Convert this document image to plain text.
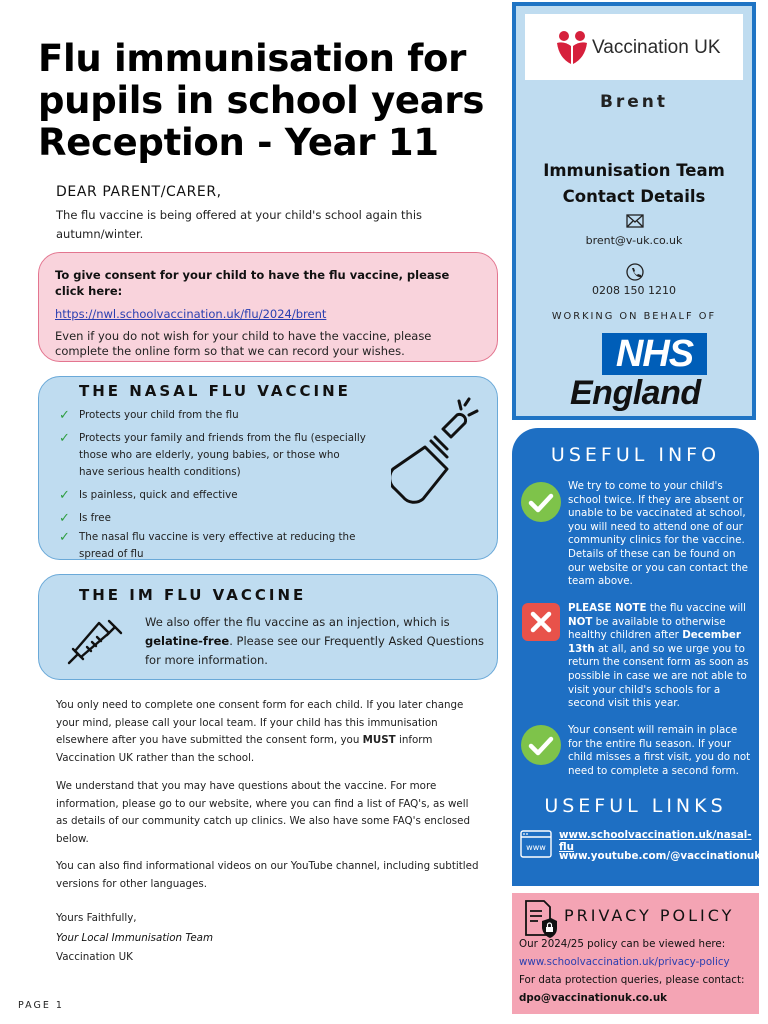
Flu immunisation for pupils in school years Reception - Year 11
DEAR PARENT/CARER,

The flu vaccine is being offered at your child's school again this autumn/winter.

To give consent for your child to have the flu vaccine, please click here:

https://nwl.schoolvaccination.uk/flu/2024/brent

Even if you do not wish for your child to have the vaccine, please complete the online form so that we can record your wishes.

THE NASAL FLU VACCINE
✓ Protects your child from the flu
✓ Protects your family and friends from the flu (especially those who are elderly, young babies, or those who have serious health conditions)
✓ Is painless, quick and effective
✓ Is free
✓ The nasal flu vaccine is very effective at reducing the spread of flu
THE IM FLU VACCINE

We also offer the flu vaccine as an injection, which is gelatine-free. Please see our Frequently Asked Questions for more information.

You only need to complete one consent form for each child. If you later change your mind, please call your local team. If your child has this immunisation elsewhere after you have submitted the consent form, you MUST inform Vaccination UK rather than the school.

We understand that you may have questions about the vaccine. For more information, please go to our website, where you can find a list of FAQ's, as well as details of our community catch up clinics. We also have some FAQ's enclosed below.

You can also find informational videos on our YouTube channel, including subtitled versions for other languages.

Yours Faithfully,
Your Local Immunisation Team
Vaccination UK
PAGE 1
Vaccination UK
Brent
Immunisation Team Contact Details
brent@v-uk.co.uk
0208 150 1210
WORKING ON BEHALF OF
NHS
England
USEFUL INFO

We try to come to your child's school twice. If they are absent or unable to be vaccinated at school, you will need to attend one of our community clinics for the vaccine. Details of these can be found on our website or you can contact the team above.

PLEASE NOTE the flu vaccine will NOT be available to otherwise healthy children after December 13th at all, and so we urge you to return the consent form as soon as possible in case we are not able to visit your child's schools for a second visit this year.

Your consent will remain in place for the entire flu season. If your child misses a first visit, you do not need to complete a second form.

USEFUL LINKS
www
www.schoolvaccination.uk/nasal-flu
www.youtube.com/@vaccinationuk
PRIVACY POLICY
Our 2024/25 policy can be viewed here:
www.schoolvaccination.uk/privacy-policy
For data protection queries, please contact:
dpo@vaccinationuk.co.uk
